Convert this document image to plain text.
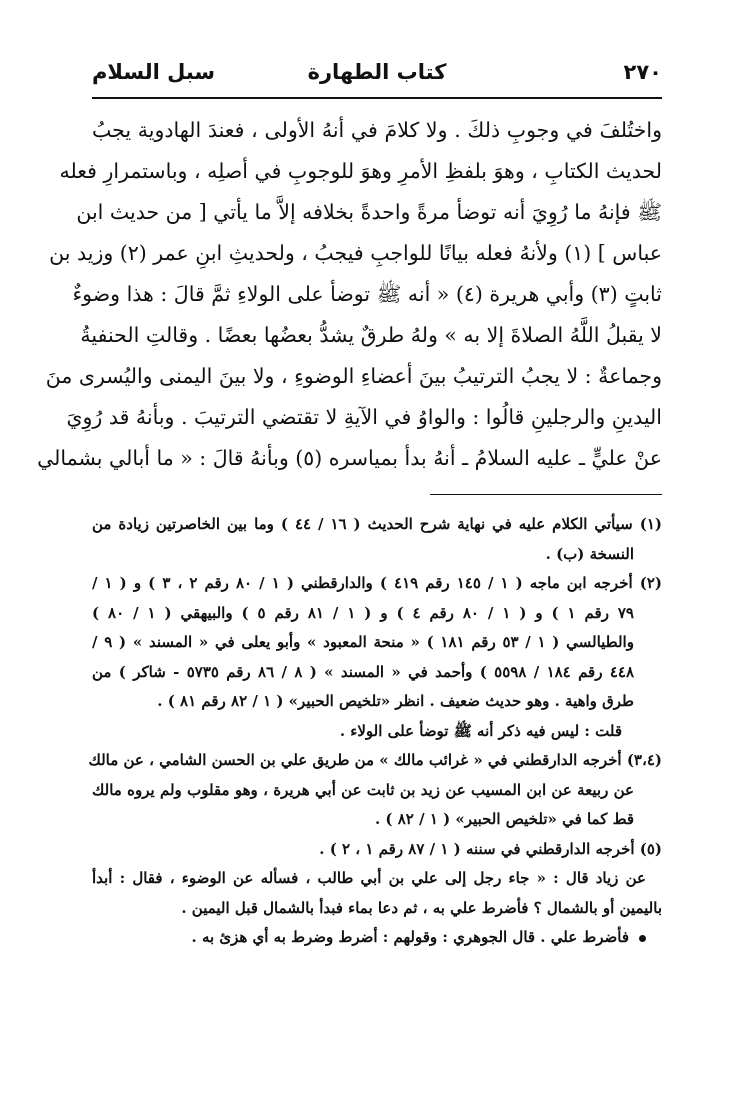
٢٧٠
كتاب الطهارة
سبل السلام
واختُلفَ في وجوبِ ذلكَ . ولا كلامَ في أنهُ الأولى ، فعندَ الهادوية يجبُ
لحديث الكتابِ ، وهوَ بلفظِ الأمرِ وهوَ للوجوبِ في أصلِه ، وباستمرارِ فعله
ﷺ فإنهُ ما رُوِيَ أنه توضأ مرةً واحدةً بخلافه إلاَّ ما يأتي [ من حديث ابن
عباس ] (١) ولأنهُ فعله بيانًا للواجبِ فيجبُ ، ولحديثِ ابنِ عمر (٢) وزيد بن
ثابتٍ (٣) وأبي هريرة (٤) « أنه ﷺ توضأ على الولاءِ ثمَّ قالَ : هذا وضوءٌ
لا يقبلُ اللَّهُ الصلاةَ إلا به » ولهُ طرقٌ يشدُّ بعضُها بعضًا . وقالتِ الحنفيةُ
وجماعةٌ : لا يجبُ الترتيبُ بينَ أعضاءِ الوضوءِ ، ولا بينَ اليمنى واليُسرى منَ
اليدينِ والرجلينِ قالُوا : والواوُ في الآيةِ لا تقتضي الترتيبَ . وبأنهُ قد رُوِيَ
عنْ عليٍّ ـ عليه السلامُ ـ أنهُ بدأ بمياسره (٥) وبأنهُ قالَ : « ما أبالي بشمالي
(١) سيأتي الكلام عليه في نهاية شرح الحديث ( ١٦ / ٤٤ ) وما بين الخاصرتين زيادة من
النسخة (ب) .
(٢) أخرجه ابن ماجه ( ١ / ١٤٥ رقم ٤١٩ ) والدارقطني ( ١ / ٨٠ رقم ٢ ، ٣ ) و ( ١ /
٧٩ رقم ١ ) و ( ١ / ٨٠ رقم ٤ ) و ( ١ / ٨١ رقم ٥ ) والبيهقي ( ١ / ٨٠ )
والطيالسي ( ١ / ٥٣ رقم ١٨١ ) « منحة المعبود » وأبو يعلى في « المسند » ( ٩ /
٤٤٨ رقم ١٨٤ / ٥٥٩٨ ) وأحمد في « المسند » ( ٨ / ٨٦ رقم ٥٧٣٥ - شاكر ) من
طرق واهية . وهو حديث ضعيف . انظر «تلخيص الحبير» ( ١ / ٨٢ رقم ٨١ ) .
قلت : ليس فيه ذكر أنه ﷺ توضأ على الولاء .
(٣،٤) أخرجه الدارقطني في « غرائب مالك » من طريق علي بن الحسن الشامي ، عن مالك
عن ربيعة عن ابن المسيب عن زيد بن ثابت عن أبي هريرة ، وهو مقلوب ولم يروه مالك
قط كما في «تلخيص الحبير» ( ١ / ٨٢ ) .
(٥) أخرجه الدارقطني في سننه ( ١ / ٨٧ رقم ١ ، ٢ ) .
عن زياد قال : « جاء رجل إلى علي بن أبي طالب ، فسأله عن الوضوء ، فقال : أبدأ
باليمين أو بالشمال ؟ فأضرط علي به ، ثم دعا بماء فبدأ بالشمال قبل اليمين .
فأضرط علي . قال الجوهري : وقولهم : أضرط وضرط به أي هزئ به .
